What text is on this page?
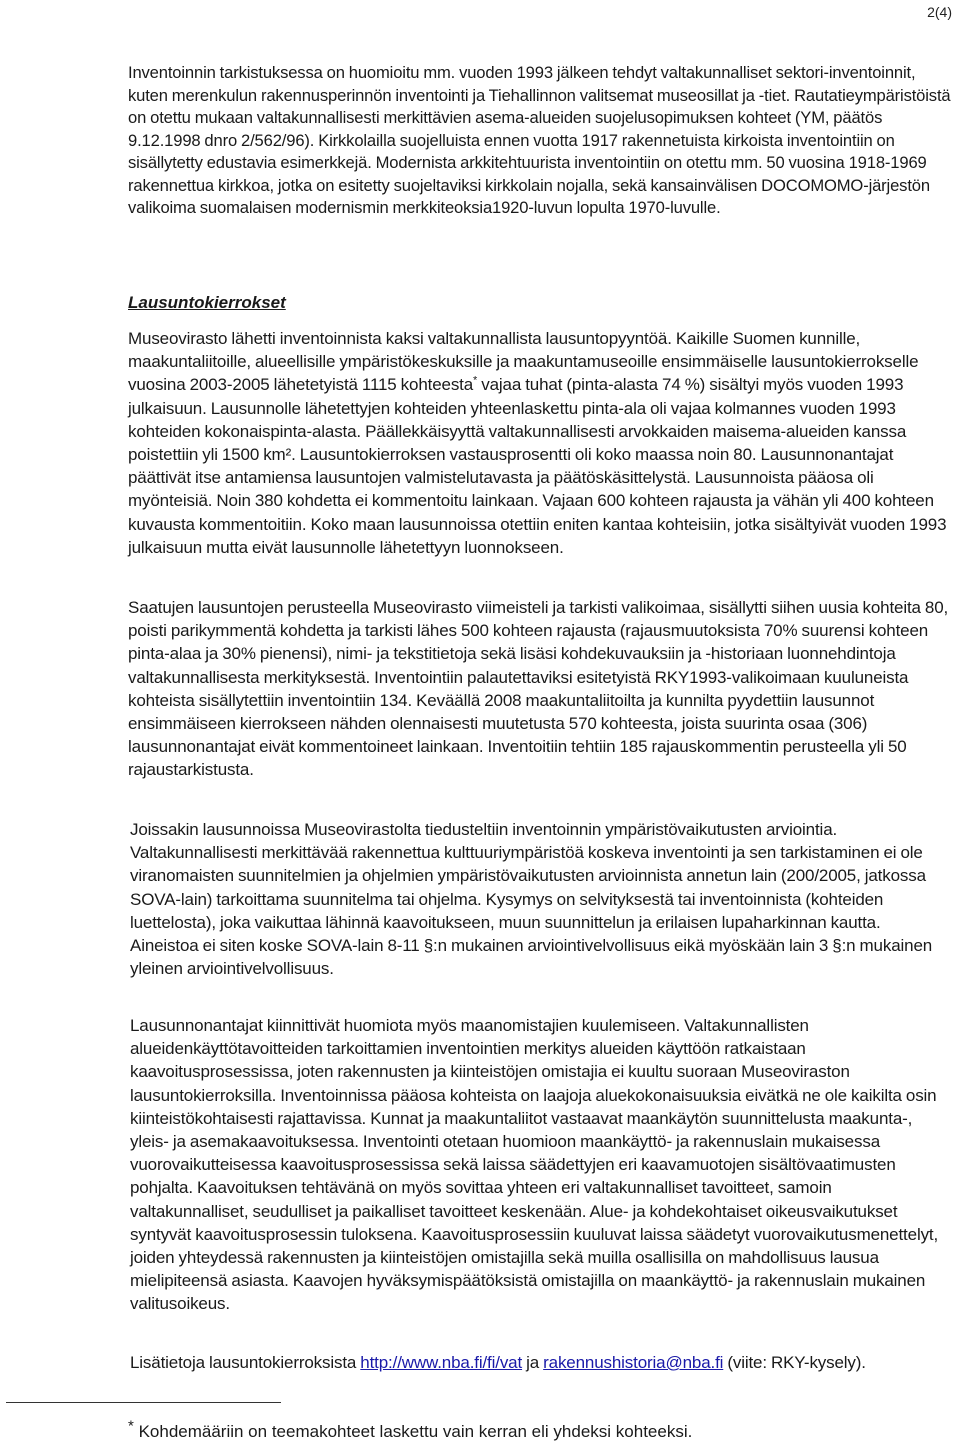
2(4)

Inventoinnin tarkistuksessa on huomioitu mm. vuoden 1993 jälkeen tehdyt valtakunnalliset sektori-inventoinnit, kuten merenkulun rakennusperinnön inventointi ja Tiehallinnon valitsemat museosillat ja -tiet. Rautatieympäristöistä on otettu mukaan valtakunnallisesti merkittävien asema-alueiden suojelusopimuksen kohteet (YM, päätös 9.12.1998 dnro 2/562/96). Kirkkolailla suojelluista ennen vuotta 1917 rakennetuista kirkoista inventointiin on sisällytetty edustavia esimerkkejä. Modernista arkkitehtuurista inventointiin on otettu mm. 50 vuosina 1918-1969 rakennettua kirkkoa, jotka on esitetty suojeltaviksi kirkkolain nojalla, sekä kansainvälisen DOCOMOMO-järjestön valikoima suomalaisen modernismin merkkiteoksia1920-luvun lopulta 1970-luvulle.

Lausuntokierrokset

Museovirasto lähetti inventoinnista kaksi valtakunnallista lausuntopyyntöä. Kaikille Suomen kunnille, maakuntaliitoille, alueellisille ympäristökeskuksille ja maakuntamuseoille ensimmäiselle lausuntokierrokselle vuosina 2003-2005 lähetetyistä 1115 kohteesta* vajaa tuhat (pinta-alasta 74 %) sisältyi myös vuoden 1993 julkaisuun. Lausunnolle lähetettyjen kohteiden yhteenlaskettu pinta-ala oli vajaa kolmannes vuoden 1993 kohteiden kokonaispinta-alasta. Päällekkäisyyttä valtakunnallisesti arvokkaiden maisema-alueiden kanssa poistettiin yli 1500 km². Lausuntokierroksen vastausprosentti oli koko maassa noin 80. Lausunnonantajat päättivät itse antamiensa lausuntojen valmistelutavasta ja päätöskäsittelystä. Lausunnoista pääosa oli myönteisiä. Noin 380 kohdetta ei kommentoitu lainkaan. Vajaan 600 kohteen rajausta ja vähän yli 400 kohteen kuvausta kommentoitiin. Koko maan lausunnoissa otettiin eniten kantaa kohteisiin, jotka sisältyivät vuoden 1993 julkaisuun mutta eivät lausunnolle lähetettyyn luonnokseen.

Saatujen lausuntojen perusteella Museovirasto viimeisteli ja tarkisti valikoimaa, sisällytti siihen uusia kohteita 80, poisti parikymmentä kohdetta ja tarkisti lähes 500 kohteen rajausta (rajausmuutoksista 70% suurensi kohteen pinta-alaa ja 30% pienensi), nimi- ja tekstitietoja sekä lisäsi kohdekuvauksiin ja -historiaan luonnehdintoja valtakunnallisesta merkityksestä. Inventointiin palautettaviksi esitetyistä RKY1993-valikoimaan kuuluneista kohteista sisällytettiin inventointiin 134. Keväällä 2008 maakuntaliitoilta ja kunnilta pyydettiin lausunnot ensimmäiseen kierrokseen nähden olennaisesti muutetusta 570 kohteesta, joista suurinta osaa (306) lausunnonantajat eivät kommentoineet lainkaan. Inventoitiin tehtiin 185 rajauskommentin perusteella yli 50 rajaustarkistusta.

Joissakin lausunnoissa Museovirastolta tiedusteltiin inventoinnin ympäristövaikutusten arviointia. Valtakunnallisesti merkittävää rakennettua kulttuuriympäristöä koskeva inventointi ja sen tarkistaminen ei ole viranomaisten suunnitelmien ja ohjelmien ympäristövaikutusten arvioinnista annetun lain (200/2005, jatkossa SOVA-lain) tarkoittama suunnitelma tai ohjelma. Kysymys on selvityksestä tai inventoinnista (kohteiden luettelosta), joka vaikuttaa lähinnä kaavoitukseen, muun suunnittelun ja erilaisen lupaharkinnan kautta. Aineistoa ei siten koske SOVA-lain 8-11 §:n mukainen arviointivelvollisuus eikä myöskään lain 3 §:n mukainen yleinen arviointivelvollisuus.

Lausunnonantajat kiinnittivät huomiota myös maanomistajien kuulemiseen. Valtakunnallisten alueidenkäyttötavoitteiden tarkoittamien inventointien merkitys alueiden käyttöön ratkaistaan kaavoitusprosessissa, joten rakennusten ja kiinteistöjen omistajia ei kuultu suoraan Museoviraston lausuntokierroksilla. Inventoinnissa pääosa kohteista on laajoja aluekokonaisuuksia eivätkä ne ole kaikilta osin kiinteistökohtaisesti rajattavissa. Kunnat ja maakuntaliitot vastaavat maankäytön suunnittelusta maakunta-, yleis- ja asemakaavoituksessa. Inventointi otetaan huomioon maankäyttö- ja rakennuslain mukaisessa vuorovaikutteisessa kaavoitusprosessissa sekä laissa säädettyjen eri kaavamuotojen sisältövaatimusten pohjalta. Kaavoituksen tehtävänä on myös sovittaa yhteen eri valtakunnalliset tavoitteet, samoin valtakunnalliset, seudulliset ja paikalliset tavoitteet keskenään. Alue- ja kohdekohtaiset oikeusvaikutukset syntyvät kaavoitusprosessin tuloksena. Kaavoitusprosessiin kuuluvat laissa säädetyt vuorovaikutusmenettelyt, joiden yhteydessä rakennusten ja kiinteistöjen omistajilla sekä muilla osallisilla on mahdollisuus lausua mielipiteensä asiasta. Kaavojen hyväksymispäätöksistä omistajilla on maankäyttö- ja rakennuslain mukainen valitusoikeus.

Lisätietoja lausuntokierroksista http://www.nba.fi/fi/vat ja rakennushistoria@nba.fi (viite: RKY-kysely).

* Kohdemääriin on teemakohteet laskettu vain kerran eli yhdeksi kohteeksi.
